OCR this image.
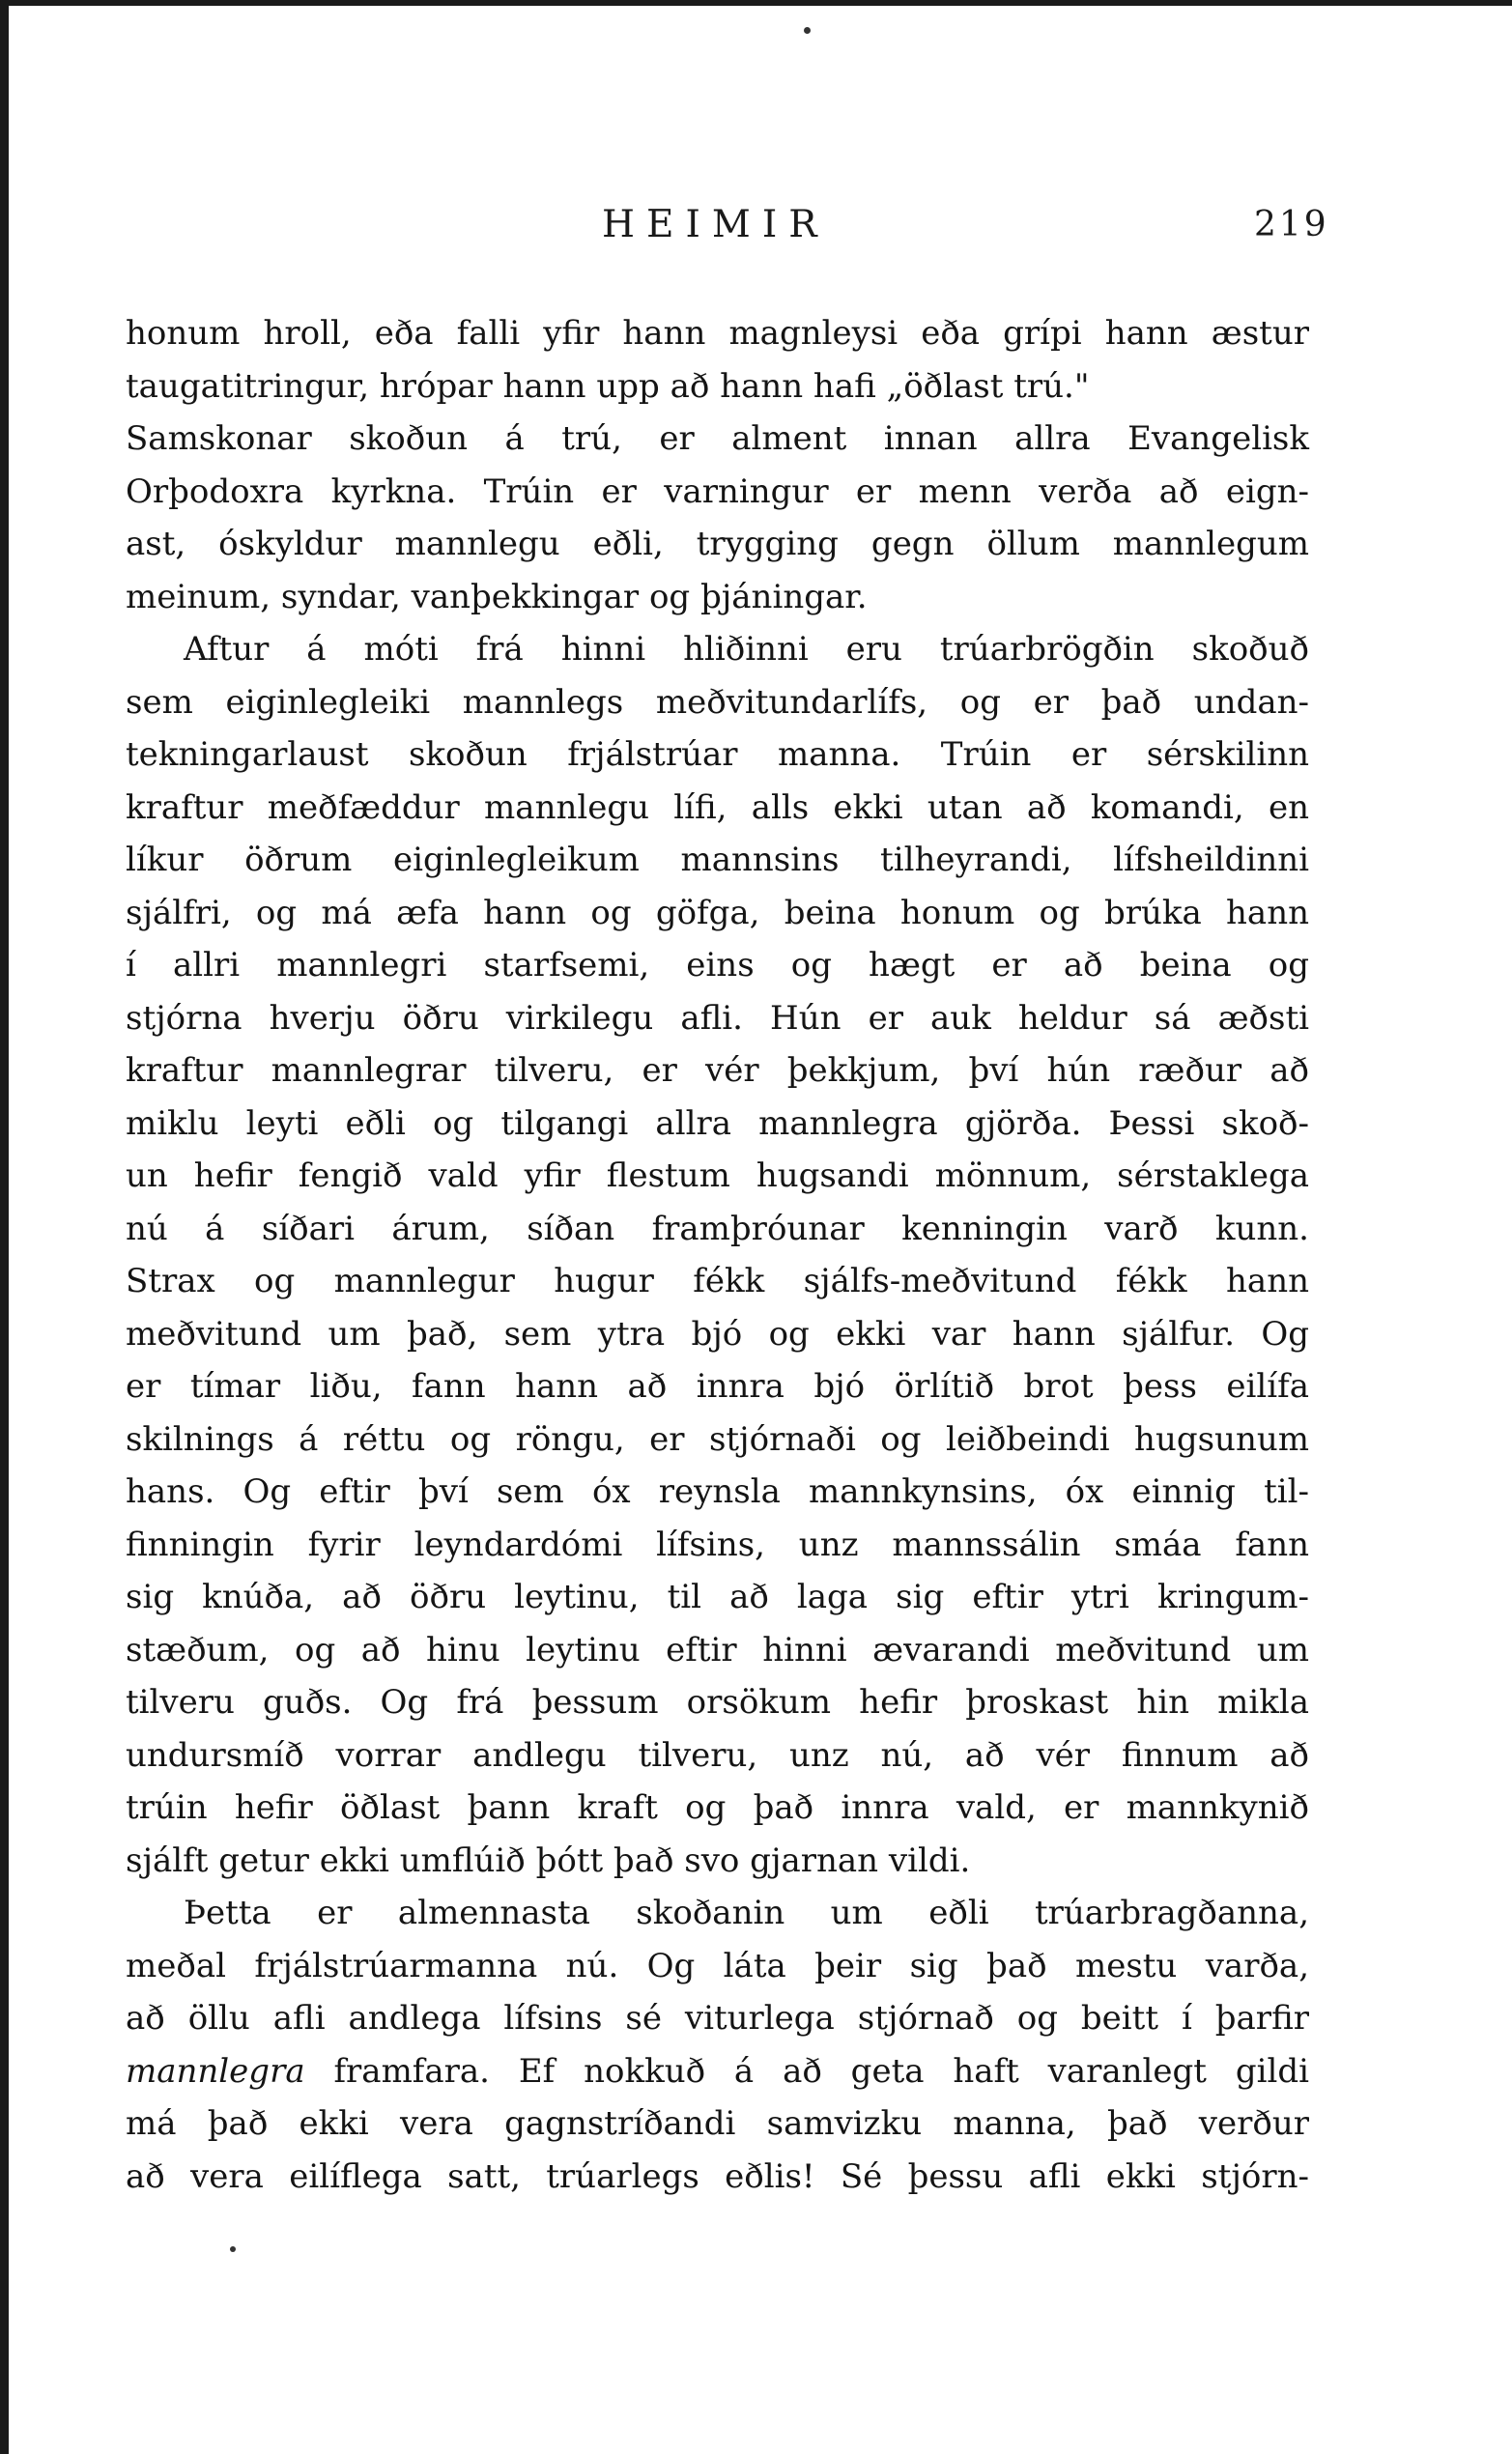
HEIMIR	219
honum hroll, eða falli yfir hann magnleysi eða grípi hann æstur
taugatitringur, hrópar hann upp að hann hafi „öðlast trú."
Samskonar skoðun á trú, er alment innan allra Evangelisk
Orþodoxra kyrkna. Trúin er varningur er menn verða að eign-
ast, óskyldur mannlegu eðli, trygging gegn öllum mannlegum
meinum, syndar, vanþekkingar og þjáningar.
Aftur á móti frá hinni hliðinni eru trúarbrögðin skoðuð
sem eiginlegleiki mannlegs meðvitundarlífs, og er það undan-
tekningarlaust skoðun frjálstrúar manna. Trúin er sérskilinn
kraftur meðfæddur mannlegu lífi, alls ekki utan að komandi, en
líkur öðrum eiginlegleikum mannsins tilheyrandi, lífsheildinni
sjálfri, og má æfa hann og göfga, beina honum og brúka hann
í allri mannlegri starfsemi, eins og hægt er að beina og
stjórna hverju öðru virkilegu afli. Hún er auk heldur sá æðsti
kraftur mannlegrar tilveru, er vér þekkjum, því hún ræður að
miklu leyti eðli og tilgangi allra mannlegra gjörða. Þessi skoð-
un hefir fengið vald yfir flestum hugsandi mönnum, sérstaklega
nú á síðari árum, síðan framþróunar kenningin varð kunn.
Strax og mannlegur hugur fékk sjálfs-meðvitund fékk hann
meðvitund um það, sem ytra bjó og ekki var hann sjálfur. Og
er tímar liðu, fann hann að innra bjó örlítið brot þess eilífa
skilnings á réttu og röngu, er stjórnaði og leiðbeindi hugsunum
hans. Og eftir því sem óx reynsla mannkynsins, óx einnig til-
finningin fyrir leyndardómi lífsins, unz mannssálin smáa fann
sig knúða, að öðru leytinu, til að laga sig eftir ytri kringum-
stæðum, og að hinu leytinu eftir hinni ævarandi meðvitund um
tilveru guðs. Og frá þessum orsökum hefir þroskast hin mikla
undursmíð vorrar andlegu tilveru, unz nú, að vér finnum að
trúin hefir öðlast þann kraft og það innra vald, er mannkynið
sjálft getur ekki umflúið þótt það svo gjarnan vildi.
Þetta er almennasta skoðanin um eðli trúarbragðanna,
meðal frjálstrúarmanna nú. Og láta þeir sig það mestu varða,
að öllu afli andlega lífsins sé viturlega stjórnað og beitt í þarfir
mannlegra framfara. Ef nokkuð á að geta haft varanlegt gildi
má það ekki vera gagnstríðandi samvizku manna, það verður
að vera eilíflega satt, trúarlegs eðlis! Sé þessu afli ekki stjórn-
